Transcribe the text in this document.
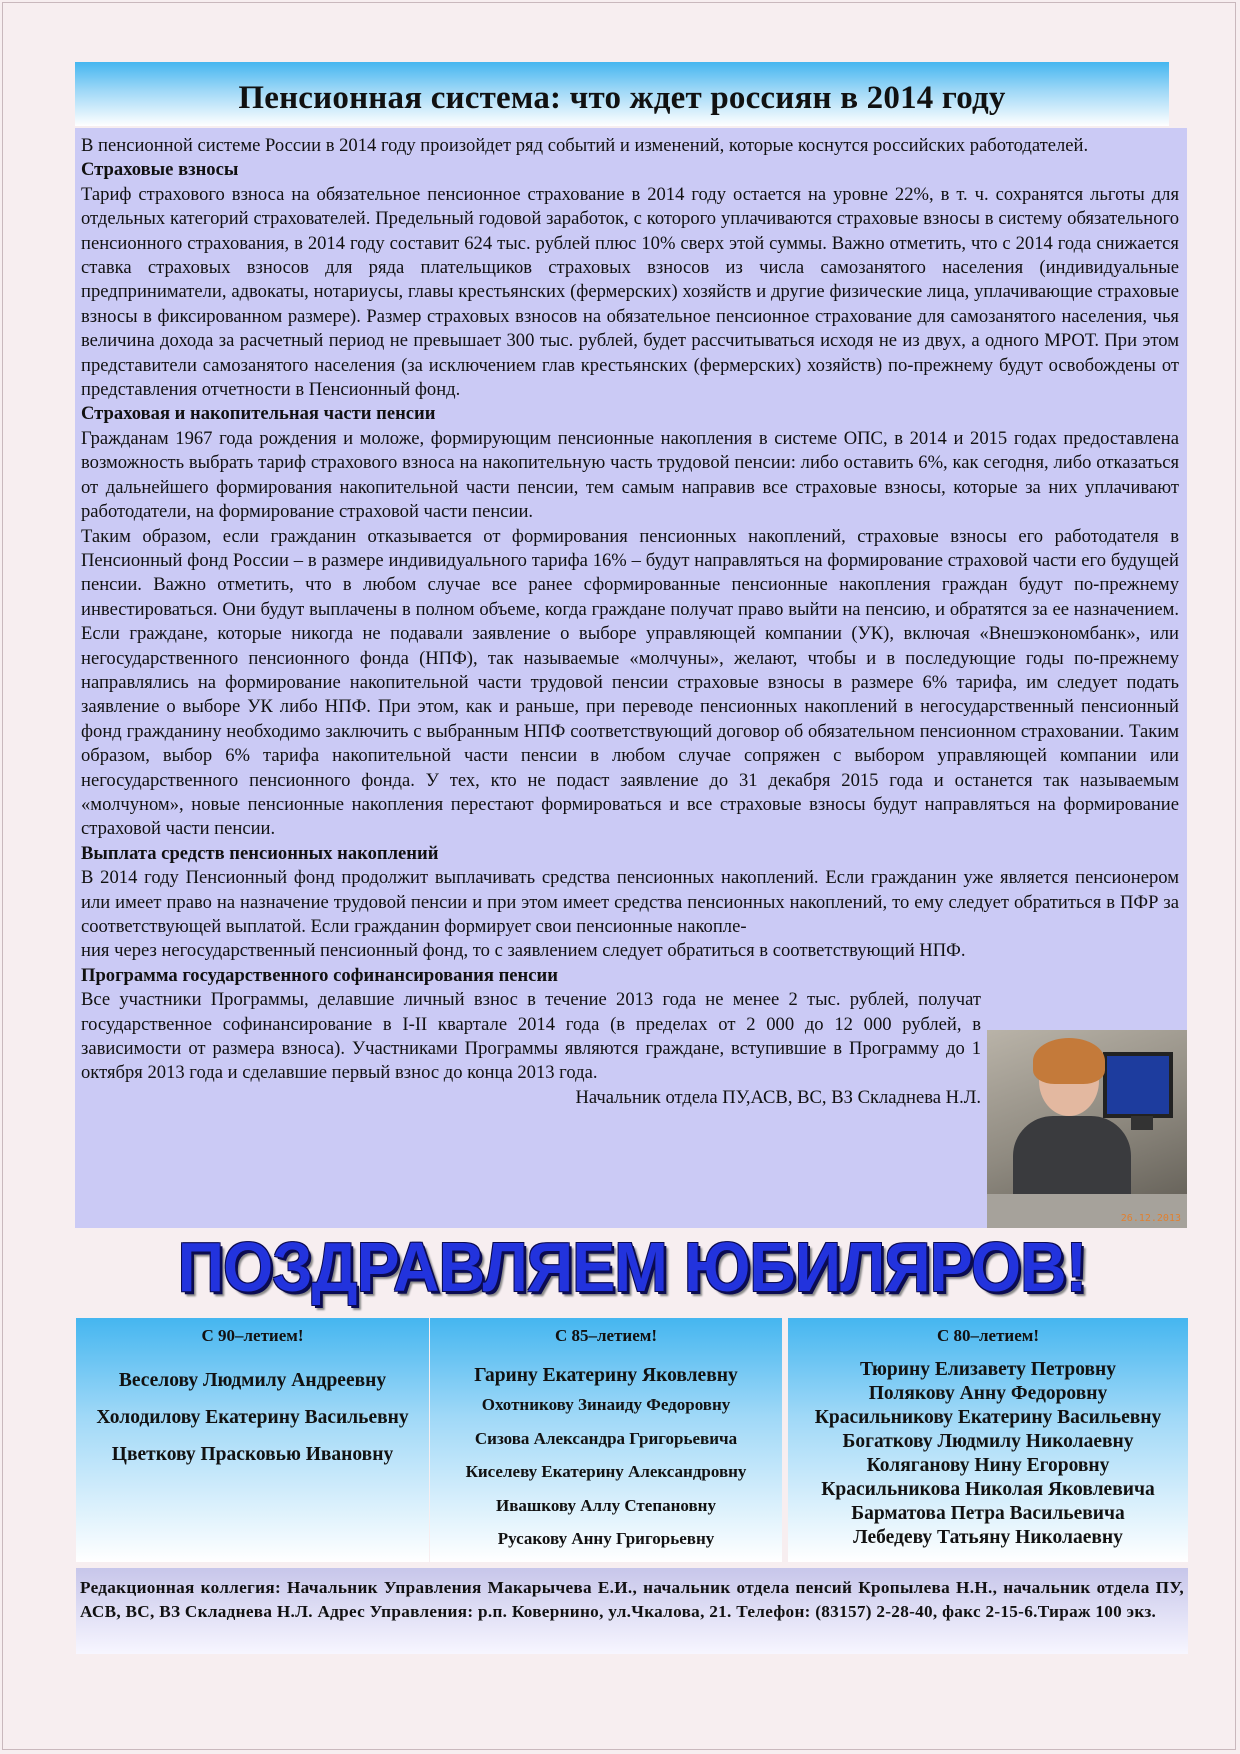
Пенсионная система: что ждет россиян в 2014 году

В пенсионной системе России в 2014 году произойдет ряд событий и изменений, которые коснутся российских работодателей.

Страховые взносы

Тариф страхового взноса на обязательное пенсионное страхование в 2014 году остается на уровне 22%, в т. ч. сохранятся льготы для отдельных категорий страхователей. Предельный годовой заработок, с которого уплачиваются страховые взносы в систему обязательного пенсионного страхования, в 2014 году составит 624 тыс. рублей плюс 10% сверх этой суммы. Важно отметить, что с 2014 года снижается ставка страховых взносов для ряда плательщиков страховых взносов из числа самозанятого населения (индивидуальные предприниматели, адвокаты, нотариусы, главы крестьянских (фермерских) хозяйств и другие физические лица, уплачивающие страховые взносы в фиксированном размере). Размер страховых взносов на обязательное пенсионное страхование для самозанятого населения, чья величина дохода за расчетный период не превышает 300 тыс. рублей, будет рассчитываться исходя не из двух, а одного МРОТ. При этом представители самозанятого населения (за исключением глав крестьянских (фермерских) хозяйств) по-прежнему будут освобождены от представления отчетности в Пенсионный фонд.

Страховая и накопительная части пенсии

Гражданам 1967 года рождения и моложе, формирующим пенсионные накопления в системе ОПС, в 2014 и 2015 годах предоставлена возможность выбрать тариф страхового взноса на накопительную часть трудовой пенсии: либо оставить 6%, как сегодня, либо отказаться от дальнейшего формирования накопительной части пенсии, тем самым направив все страховые взносы, которые за них уплачивают работодатели, на формирование страховой части пенсии.

Таким образом, если гражданин отказывается от формирования пенсионных накоплений, страховые взносы его работодателя в Пенсионный фонд России – в размере индивидуального тарифа 16% – будут направляться на формирование страховой части его будущей пенсии. Важно отметить, что в любом случае все ранее сформированные пенсионные накопления граждан будут по-прежнему инвестироваться. Они будут выплачены в полном объеме, когда граждане получат право выйти на пенсию, и обратятся за ее назначением. Если граждане, которые никогда не подавали заявление о выборе управляющей компании (УК), включая «Внешэкономбанк», или негосударственного пенсионного фонда (НПФ), так называемые «молчуны», желают, чтобы и в последующие годы по-прежнему направлялись на формирование накопительной части трудовой пенсии страховые взносы в размере 6% тарифа, им следует подать заявление о выборе УК либо НПФ. При этом, как и раньше, при переводе пенсионных накоплений в негосударственный пенсионный фонд гражданину необходимо заключить с выбранным НПФ соответствующий договор об обязательном пенсионном страховании. Таким образом, выбор 6% тарифа накопительной части пенсии в любом случае сопряжен с выбором управляющей компании или негосударственного пенсионного фонда. У тех, кто не подаст заявление до 31 декабря 2015 года и останется так называемым «молчуном», новые пенсионные накопления перестают формироваться и все страховые взносы будут направляться на формирование страховой части пенсии.

Выплата средств пенсионных накоплений

В 2014 году Пенсионный фонд продолжит выплачивать средства пенсионных накоплений. Если гражданин уже является пенсионером или имеет право на назначение трудовой пенсии и при этом имеет средства пенсионных накоплений, то ему следует обратиться в ПФР за соответствующей выплатой. Если гражданин формирует свои пенсионные накопле-

ния через негосударственный пенсионный фонд, то с заявлением следует обратиться в соответствующий НПФ.

Программа государственного софинансирования пенсии

Все участники Программы, делавшие личный взнос в течение 2013 года не менее 2 тыс. рублей, получат государственное софинансирование в I-II квартале 2014 года (в пределах от 2 000 до 12 000 рублей, в зависимости от размера взноса). Участниками Программы являются граждане, вступившие в Программу до 1 октября 2013 года и сделавшие первый взнос до конца 2013 года.

Начальник отдела ПУ,АСВ, ВС, ВЗ Складнева Н.Л.

26.12.2013
ПОЗДРАВЛЯЕМ ЮБИЛЯРОВ!
С 90–летием!
Веселову Людмилу Андреевну
Холодилову Екатерину Васильевну
Цветкову Прасковью Ивановну
С 85–летием!
Гарину Екатерину Яковлевну
Охотникову Зинаиду Федоровну
Сизова Александра Григорьевича
Киселеву Екатерину Александровну
Ивашкову Аллу Степановну
Русакову Анну Григорьевну
С 80–летием!
Тюрину Елизавету Петровну
Полякову Анну Федоровну
Красильникову Екатерину Васильевну
Богаткову Людмилу Николаевну
Коляганову Нину Егоровну
Красильникова Николая Яковлевича
Барматова Петра Васильевича
Лебедеву Татьяну Николаевну

Редакционная коллегия: Начальник Управления Макарычева Е.И., начальник отдела пенсий Кропылева Н.Н., начальник отдела ПУ, АСВ, ВС, ВЗ Складнева Н.Л. Адрес Управления: р.п. Ковернино, ул.Чкалова, 21. Телефон: (83157) 2-28-40, факс 2-15-6.Тираж 100 экз.
